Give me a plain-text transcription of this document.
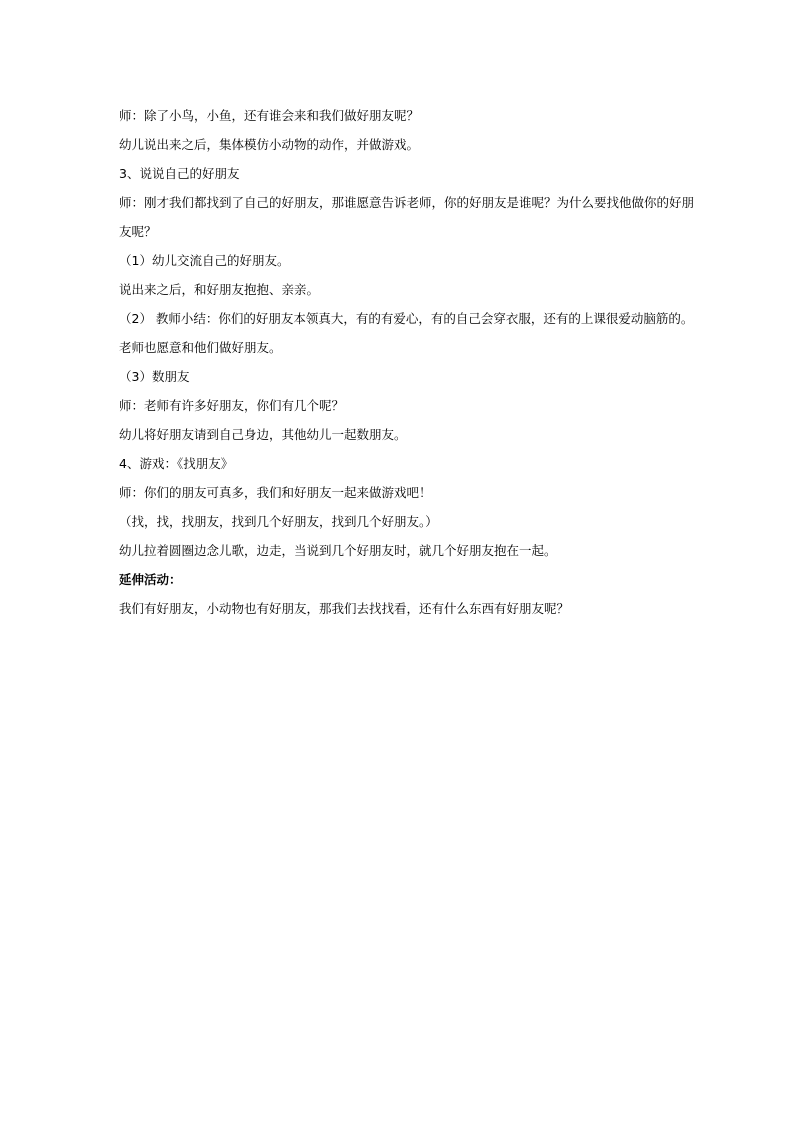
师：除了小鸟，小鱼，还有谁会来和我们做好朋友呢？
幼儿说出来之后，集体模仿小动物的动作，并做游戏。
3、说说自己的好朋友
师：刚才我们都找到了自己的好朋友，那谁愿意告诉老师，你的好朋友是谁呢？为什么要找他做你的好朋
友呢？
（1）幼儿交流自己的好朋友。
说出来之后，和好朋友抱抱、亲亲。
（2） 教师小结：你们的好朋友本领真大，有的有爱心，有的自己会穿衣服，还有的上课很爱动脑筋的。
老师也愿意和他们做好朋友。
（3）数朋友
师：老师有许多好朋友，你们有几个呢？
幼儿将好朋友请到自己身边，其他幼儿一起数朋友。
4、游戏：《找朋友》
师：你们的朋友可真多，我们和好朋友一起来做游戏吧！
（找，找，找朋友，找到几个好朋友，找到几个好朋友。）
幼儿拉着圆圈边念儿歌，边走，当说到几个好朋友时，就几个好朋友抱在一起。
延伸活动：
我们有好朋友，小动物也有好朋友，那我们去找找看，还有什么东西有好朋友呢？
